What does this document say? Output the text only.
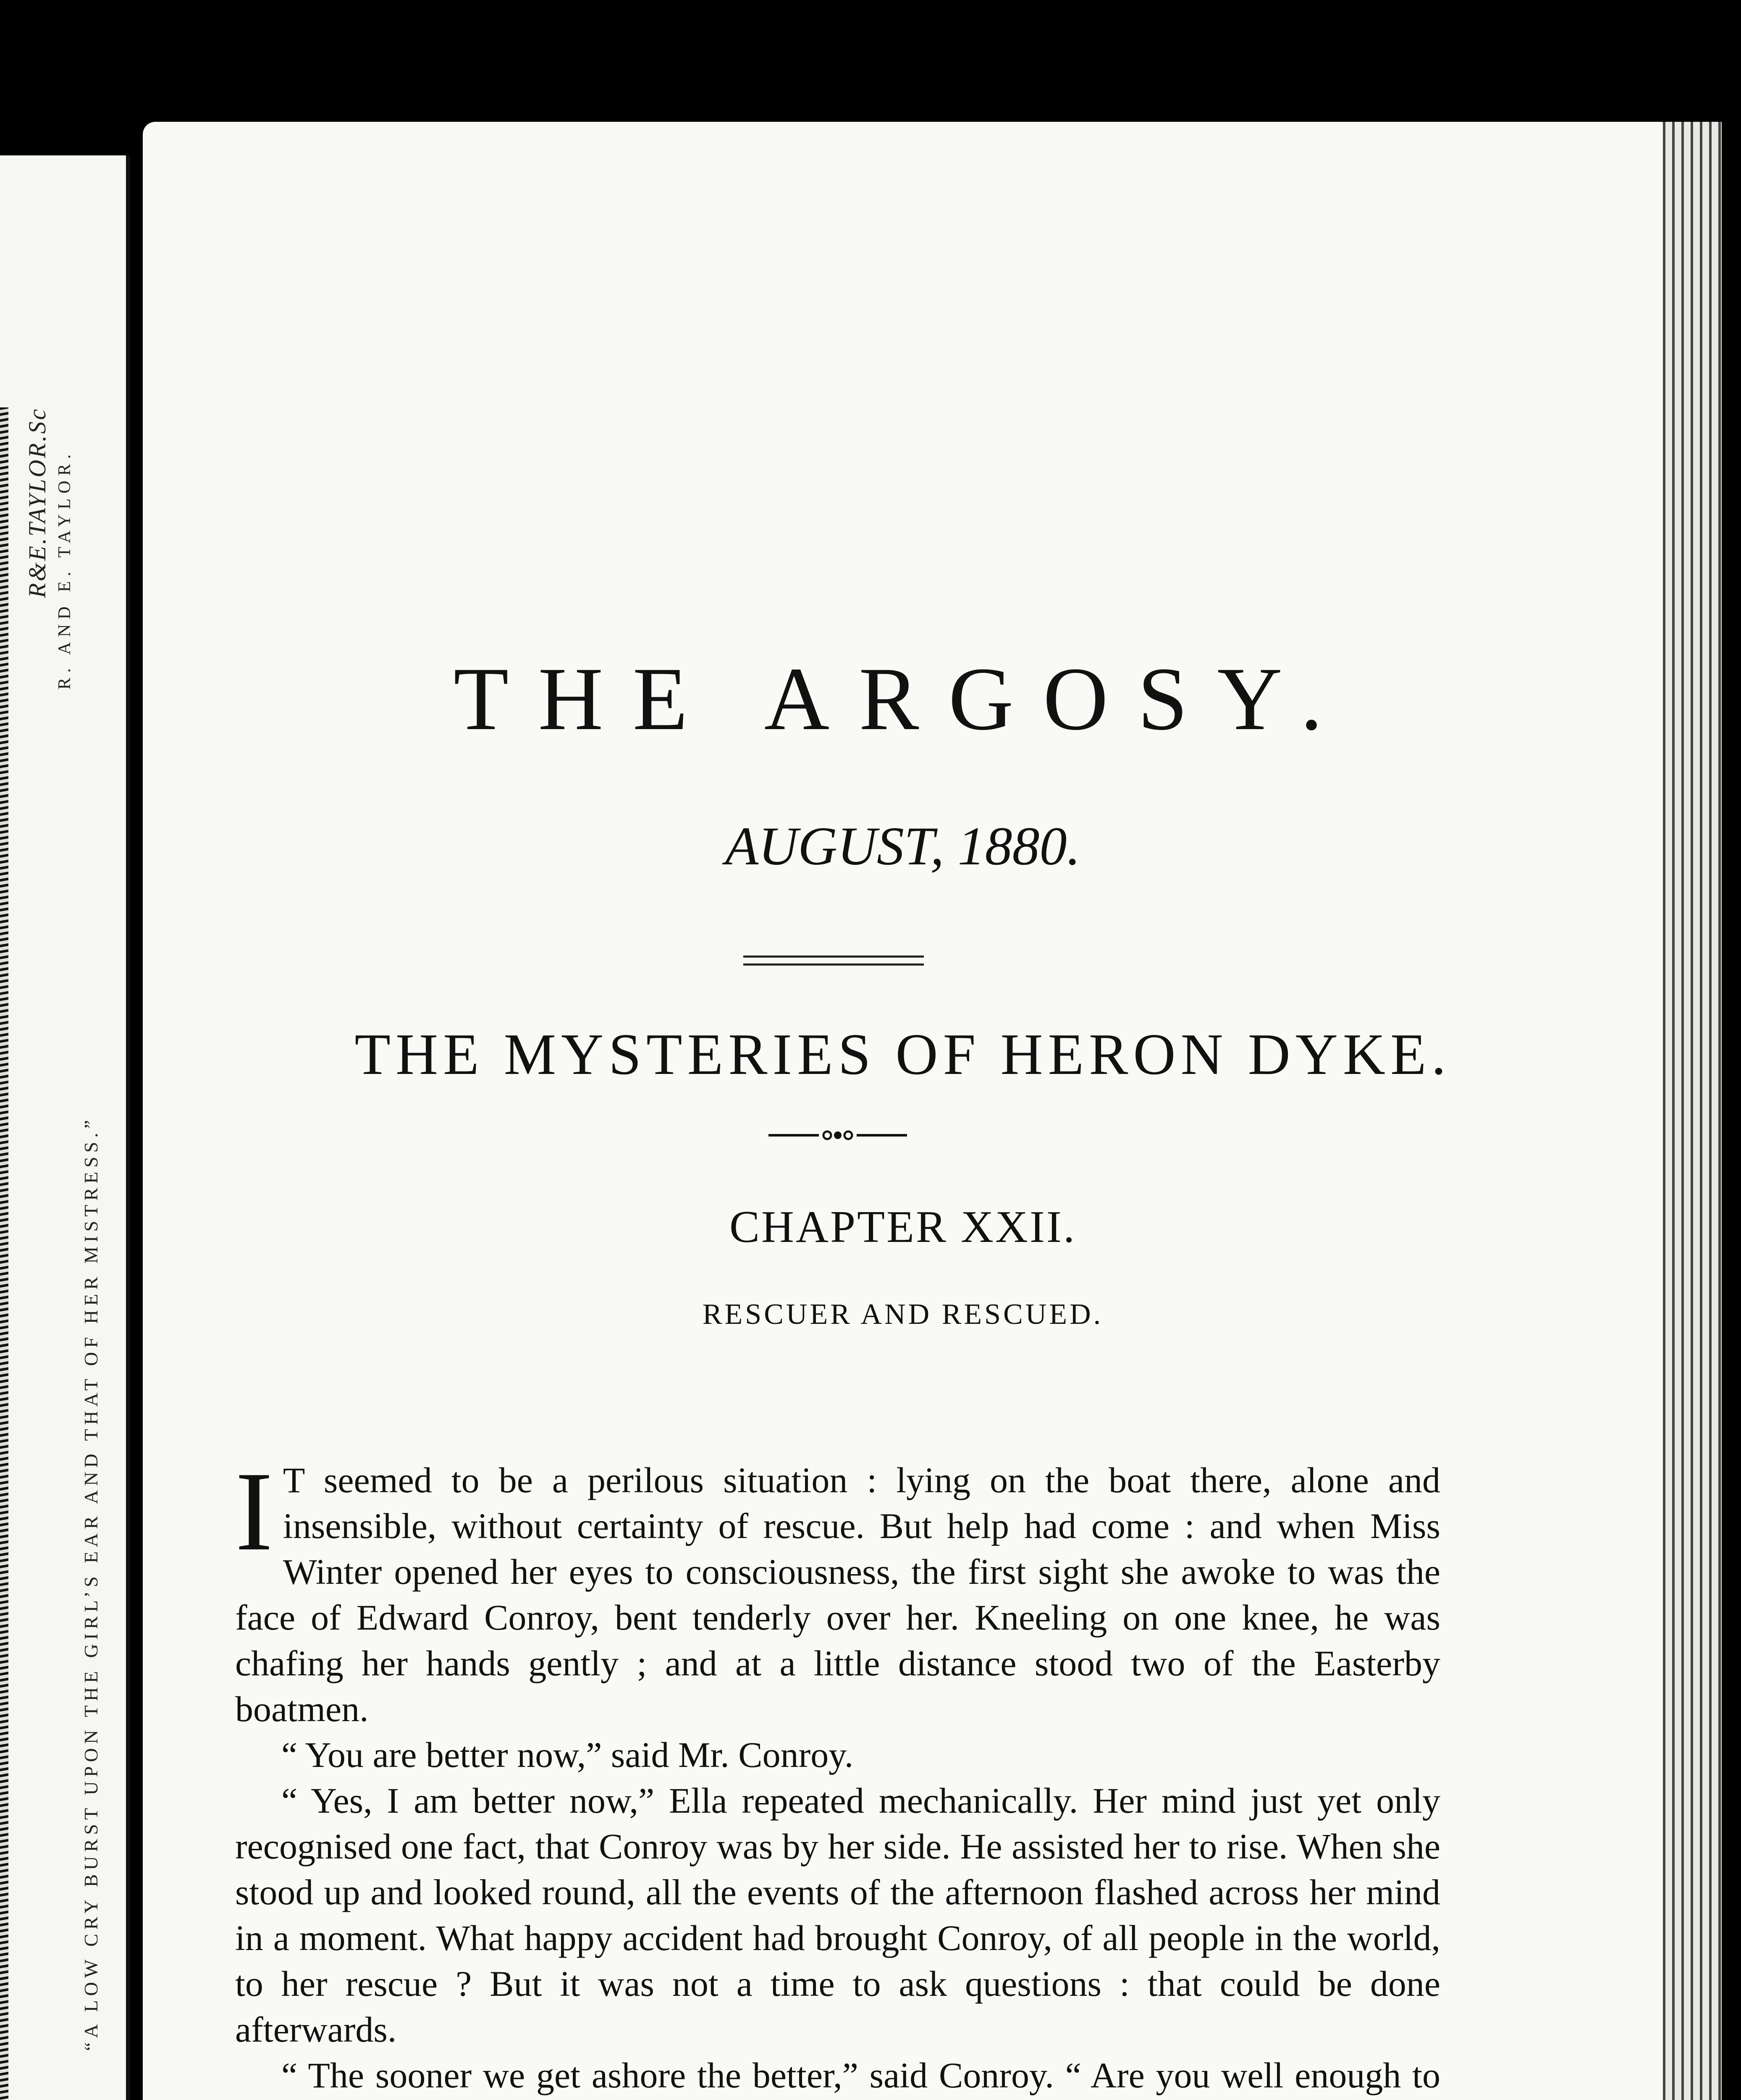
R&E.TAYLOR.Sc R. AND E. TAYLOR.
“A LOW CRY BURST UPON THE GIRL’S EAR AND THAT OF HER MISTRESS.”
THE ARGOSY.
AUGUST, 1880.
THE MYSTERIES OF HERON DYKE.
CHAPTER XXII.
RESCUER AND RESCUED.

I T seemed to be a perilous situation : lying on the boat there, alone and insensible, without certainty of rescue. But help had come : and when Miss Winter opened her eyes to consciousness, the first sight she awoke to was the face of Edward Conroy, bent tenderly over her. Kneeling on one knee, he was chafing her hands gently ; and at a little distance stood two of the Easterby boatmen.

“ You are better now,” said Mr. Conroy.

“ Yes, I am better now,” Ella repeated mechanically. Her mind just yet only recognised one fact, that Conroy was by her side. He assisted her to rise. When she stood up and looked round, all the events of the afternoon flashed across her mind in a moment. What happy accident had brought Conroy, of all people in the world, to her rescue ? But it was not a time to ask questions : that could be done afterwards.

“ The sooner we get ashore the better,” said Conroy. “ Are you well enough to
